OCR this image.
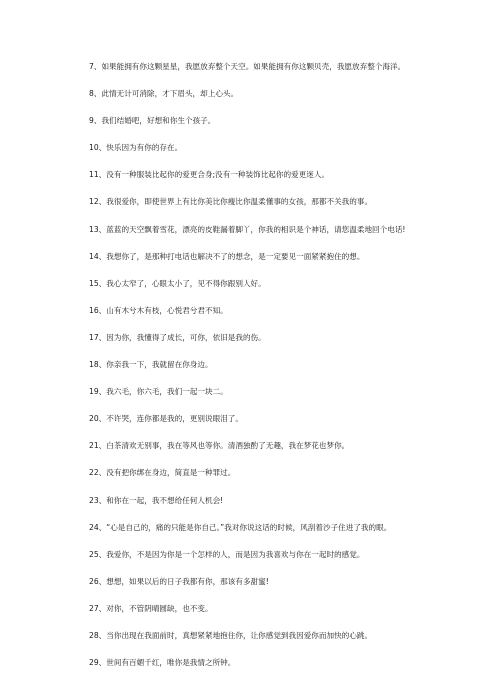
7、如果能拥有你这颗星星，我愿放弃整个天空。如果能拥有你这颗贝壳，我愿放弃整个海洋。
8、此情无计可消除，才下眉头，却上心头。
9、我们结婚吧，好想和你生个孩子。
10、快乐因为有你的存在。
11、没有一种服装比起你的爱更合身;没有一种装饰比起你的爱更迷人。
12、我很爱你，即使世界上有比你美比你瘦比你温柔懂事的女孩，那都不关我的事。
13、蓝蓝的天空飘着雪花，漂亮的皮鞋漏着脚丫，你我的相识是个神话，请您温柔地回个电话!
14、我想你了，是那种打电话也解决不了的想念，是一定要见一面紧紧抱住的想。
15、我心太窄了，心眼太小了，见不得你跟别人好。
16、山有木兮木有枝，心悦君兮君不知。
17、因为你，我懂得了成长，可你，依旧是我的伤。
18、你亲我一下，我就留在你身边。
19、我六毛，你六毛，我们一起一块二。
20、不许哭，连你都是我的，更别说眼泪了。
21、白茶清欢无别事，我在等风也等你。清酒独酌了无趣，我在梦花也梦你。
22、没有把你绑在身边，简直是一种罪过。
23、和你在一起，我不想给任何人机会!
24、“心是自己的，痛的只能是你自己。”我对你说这话的时候，风刮着沙子住进了我的眼。
25、我爱你，不是因为你是一个怎样的人，而是因为我喜欢与你在一起时的感觉。
26、想想，如果以后的日子我都有你，那该有多甜蜜!
27、对你，不管阴晴圆缺，也不变。
28、当你出现在我面前时，真想紧紧地抱住你，让你感觉到我因爱你而加快的心跳。
29、世间有百媚千红，唯你是我情之所钟。
